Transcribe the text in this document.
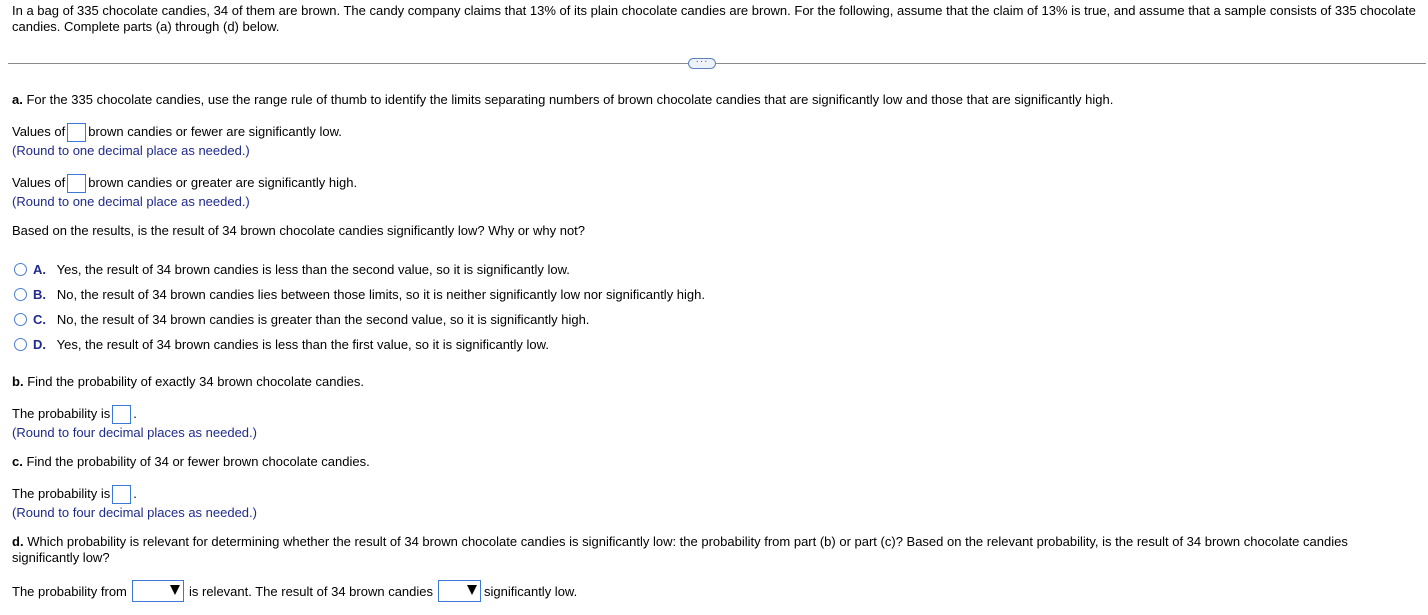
In a bag of 335 chocolate candies, 34 of them are brown. The candy company claims that 13% of its plain chocolate candies are brown. For the following, assume that the claim of 13% is true, and assume that a sample consists of 335 chocolate candies. Complete parts (a) through (d) below.
···
a. For the 335 chocolate candies, use the range rule of thumb to identify the limits separating numbers of brown chocolate candies that are significantly low and those that are significantly high.
Values of brown candies or fewer are significantly low.
(Round to one decimal place as needed.)
Values of brown candies or greater are significantly high.
(Round to one decimal place as needed.)
Based on the results, is the result of 34 brown chocolate candies significantly low? Why or why not?
A. Yes, the result of 34 brown candies is less than the second value, so it is significantly low.
B. No, the result of 34 brown candies lies between those limits, so it is neither significantly low nor significantly high.
C. No, the result of 34 brown candies is greater than the second value, so it is significantly high.
D. Yes, the result of 34 brown candies is less than the first value, so it is significantly low.
b. Find the probability of exactly 34 brown chocolate candies.
The probability is .
(Round to four decimal places as needed.)
c. Find the probability of 34 or fewer brown chocolate candies.
The probability is .
(Round to four decimal places as needed.)
d. Which probability is relevant for determining whether the result of 34 brown chocolate candies is significantly low: the probability from part (b) or part (c)? Based on the relevant probability, is the result of 34 brown chocolate candies
significantly low?
The probability from	is relevant. The result of 34 brown candies	significantly low.
